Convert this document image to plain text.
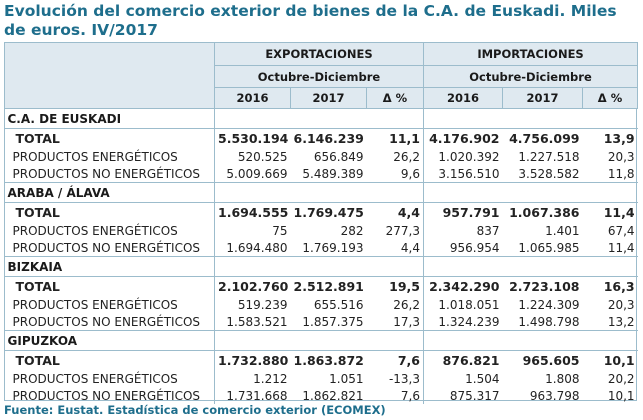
Evolución del comercio exterior de bienes de la C.A. de Euskadi. Miles de euros. IV/2017
	EXPORTACIONES			IMPORTACIONES		
	Octubre-Diciembre			Octubre-Diciembre		
	2016	2017	Δ %	2016	2017	Δ %
C.A. DE EUSKADI						
TOTAL	5.530.194	6.146.239	11,1	4.176.902	4.756.099	13,9
PRODUCTOS ENERGÉTICOS	520.525	656.849	26,2	1.020.392	1.227.518	20,3
PRODUCTOS NO ENERGÉTICOS	5.009.669	5.489.389	9,6	3.156.510	3.528.582	11,8
ARABA / ÁLAVA						
TOTAL	1.694.555	1.769.475	4,4	957.791	1.067.386	11,4
PRODUCTOS ENERGÉTICOS	75	282	277,3	837	1.401	67,4
PRODUCTOS NO ENERGÉTICOS	1.694.480	1.769.193	4,4	956.954	1.065.985	11,4
BIZKAIA						
TOTAL	2.102.760	2.512.891	19,5	2.342.290	2.723.108	16,3
PRODUCTOS ENERGÉTICOS	519.239	655.516	26,2	1.018.051	1.224.309	20,3
PRODUCTOS NO ENERGÉTICOS	1.583.521	1.857.375	17,3	1.324.239	1.498.798	13,2
GIPUZKOA						
TOTAL	1.732.880	1.863.872	7,6	876.821	965.605	10,1
PRODUCTOS ENERGÉTICOS	1.212	1.051	-13,3	1.504	1.808	20,2
PRODUCTOS NO ENERGÉTICOS	1.731.668	1.862.821	7,6	875.317	963.798	10,1
Fuente: Eustat. Estadística de comercio exterior (ECOMEX)
